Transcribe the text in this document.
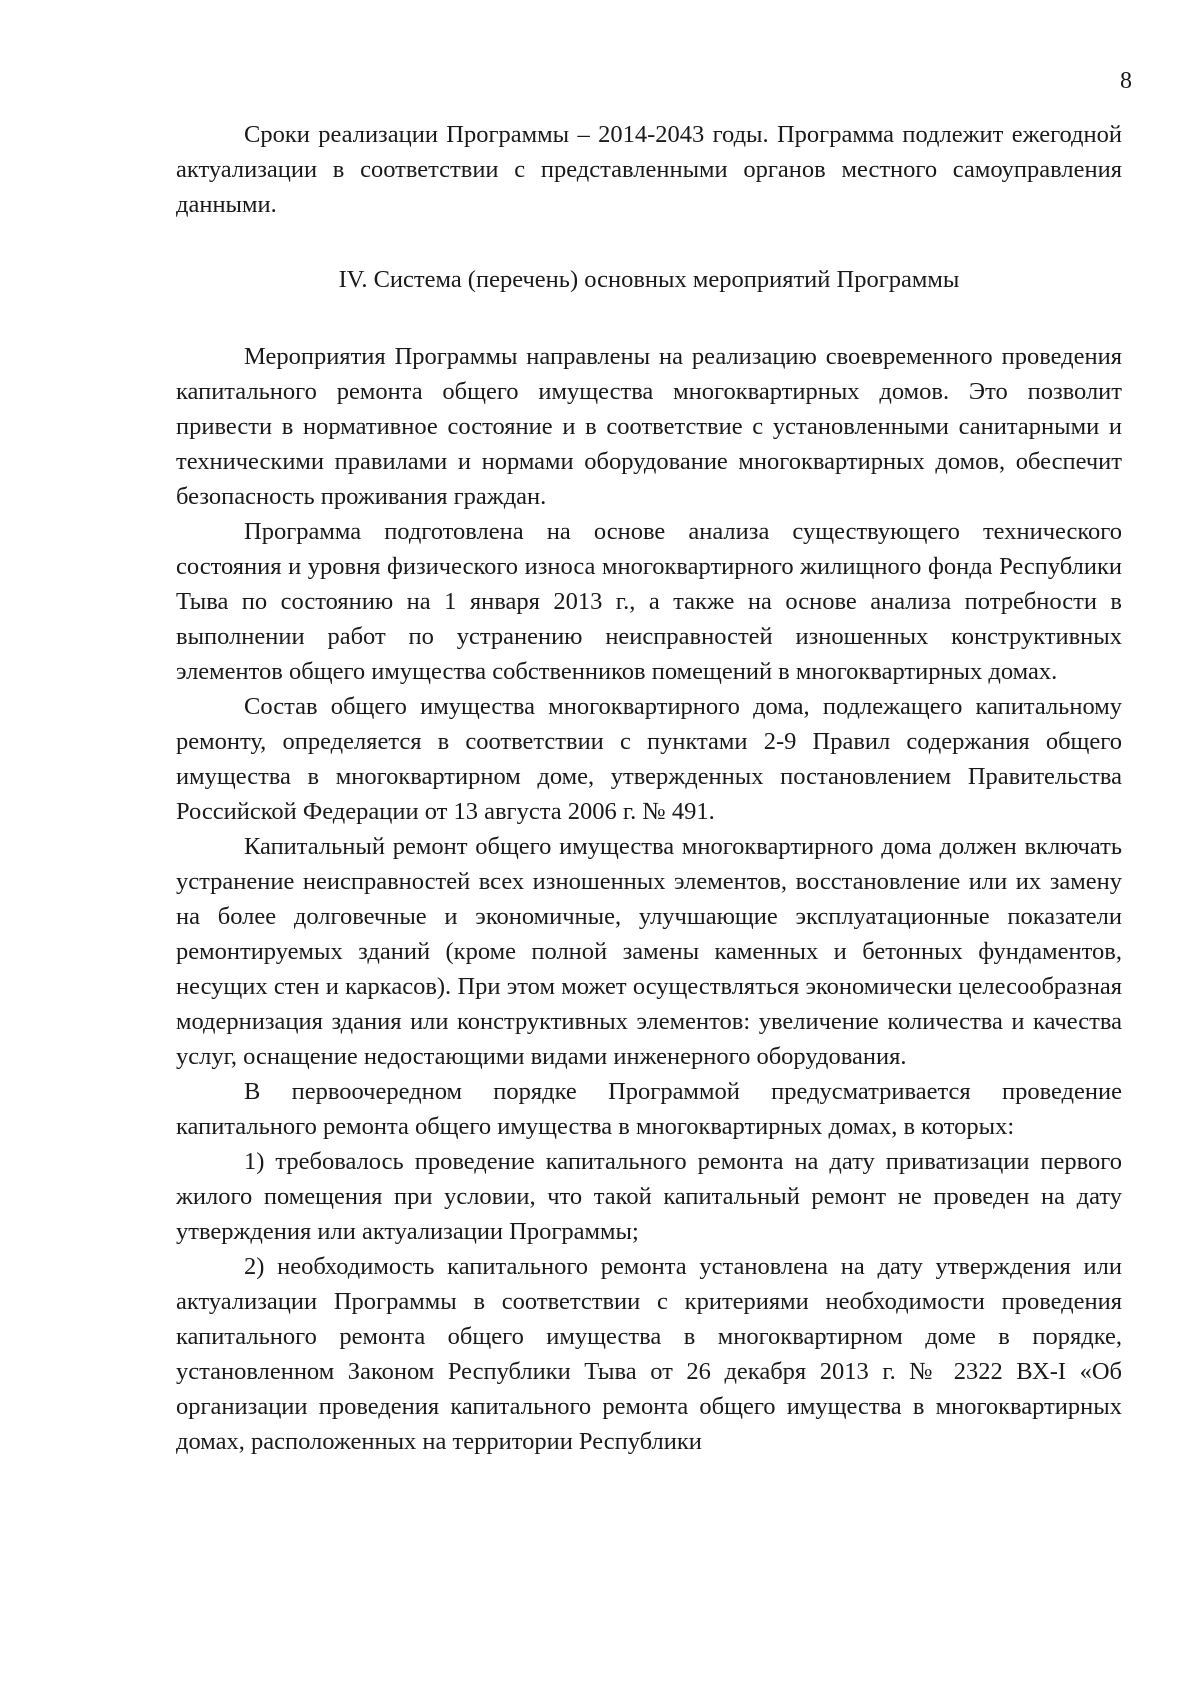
8

Сроки реализации Программы – 2014-2043 годы. Программа подлежит ежегодной актуализации в соответствии с представленными органов местного самоуправления данными.

IV. Система (перечень) основных мероприятий Программы

Мероприятия Программы направлены на реализацию своевременного проведения капитального ремонта общего имущества многоквартирных домов. Это позволит привести в нормативное состояние и в соответствие с установленными санитарными и техническими правилами и нормами оборудование многоквартирных домов, обеспечит безопасность проживания граждан.

Программа подготовлена на основе анализа существующего технического состояния и уровня физического износа многоквартирного жилищного фонда Республики Тыва по состоянию на 1 января 2013 г., а также на основе анализа потребности в выполнении работ по устранению неисправностей изношенных конструктивных элементов общего имущества собственников помещений в многоквартирных домах.

Состав общего имущества многоквартирного дома, подлежащего капитальному ремонту, определяется в соответствии с пунктами 2-9 Правил содержания общего имущества в многоквартирном доме, утвержденных постановлением Правительства Российской Федерации от 13 августа 2006 г. № 491.

Капитальный ремонт общего имущества многоквартирного дома должен включать устранение неисправностей всех изношенных элементов, восстановление или их замену на более долговечные и экономичные, улучшающие эксплуатационные показатели ремонтируемых зданий (кроме полной замены каменных и бетонных фундаментов, несущих стен и каркасов). При этом может осуществляться экономически целесообразная модернизация здания или конструктивных элементов: увеличение количества и качества услуг, оснащение недостающими видами инженерного оборудования.

В первоочередном порядке Программой предусматривается проведение капитального ремонта общего имущества в многоквартирных домах, в которых:

1) требовалось проведение капитального ремонта на дату приватизации первого жилого помещения при условии, что такой капитальный ремонт не проведен на дату утверждения или актуализации Программы;

2) необходимость капитального ремонта установлена на дату утверждения или актуализации Программы в соответствии с критериями необходимости проведения капитального ремонта общего имущества в многоквартирном доме в порядке, установленном Законом Республики Тыва от 26 декабря 2013 г. № 2322 ВХ-I «Об организации проведения капитального ремонта общего имущества в многоквартирных домах, расположенных на территории Республики
